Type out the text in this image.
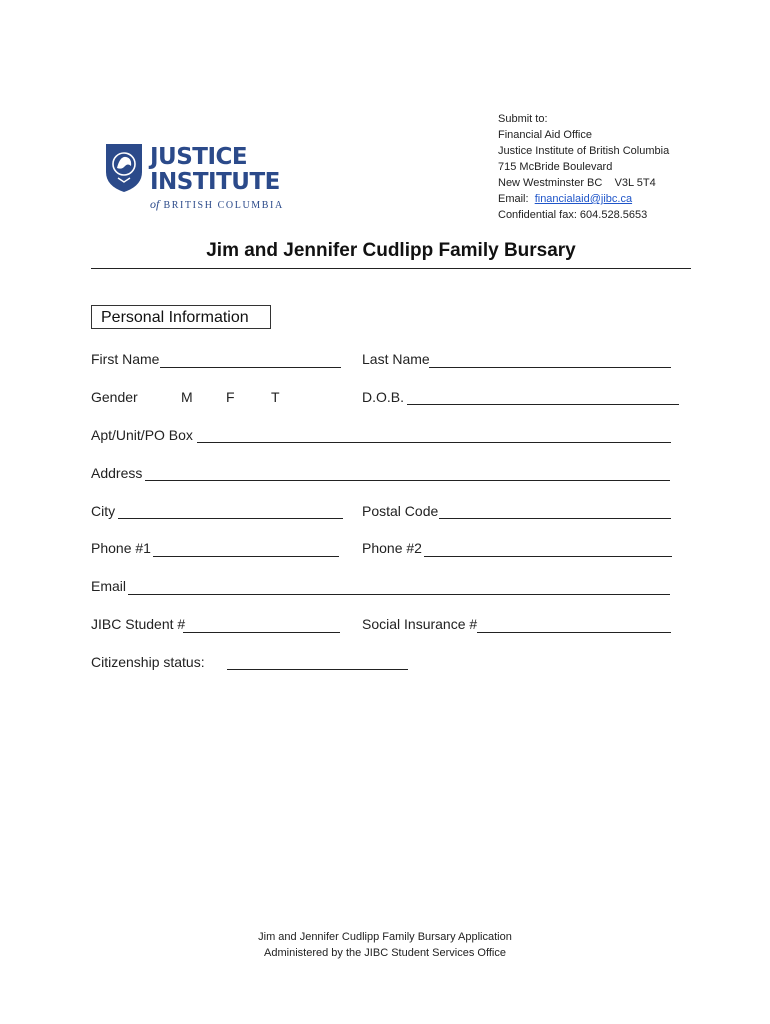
JUSTICE
INSTITUTE
of BRITISH COLUMBIA
Submit to:
Financial Aid Office
Justice Institute of British Columbia
715 McBride Boulevard
New Westminster BC V3L 5T4
Email: financialaid@jibc.ca
Confidential fax: 604.528.5653
Jim and Jennifer Cudlipp Family Bursary
Personal Information
First Name	Last Name
Gender	M F	T	D.O.B.
Apt/Unit/PO Box
Address
City	Postal Code
Phone #1	Phone #2
Email
JIBC Student #	Social Insurance #
Citizenship status:
Jim and Jennifer Cudlipp Family Bursary Application
Administered by the JIBC Student Services Office
